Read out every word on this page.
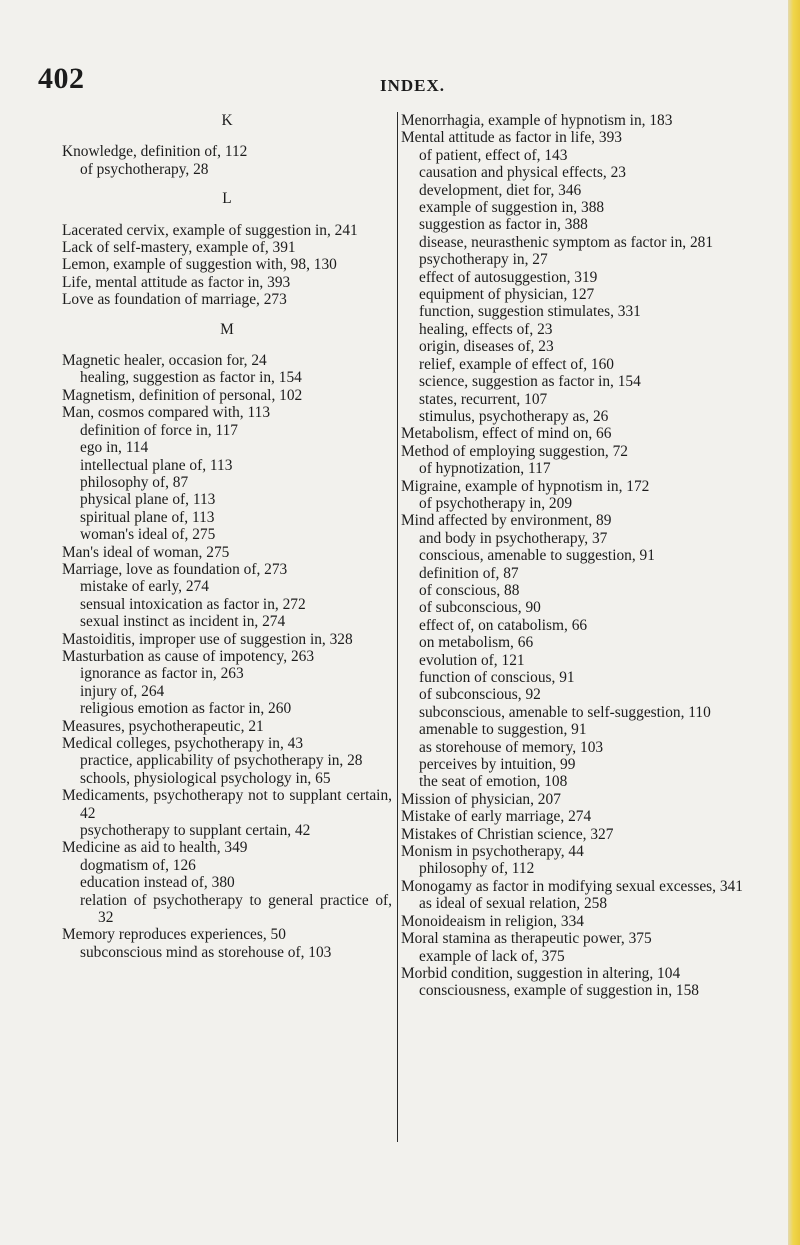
402	INDEX.
K
Knowledge, definition of, 112
of psychotherapy, 28
L
Lacerated cervix, example of suggestion in, 241
Lack of self-mastery, example of, 391
Lemon, example of suggestion with, 98, 130
Life, mental attitude as factor in, 393
Love as foundation of marriage, 273
M
Magnetic healer, occasion for, 24
healing, suggestion as factor in, 154
Magnetism, definition of personal, 102
Man, cosmos compared with, 113
definition of force in, 117
ego in, 114
intellectual plane of, 113
philosophy of, 87
physical plane of, 113
spiritual plane of, 113
woman's ideal of, 275
Man's ideal of woman, 275
Marriage, love as foundation of, 273
mistake of early, 274
sensual intoxication as factor in, 272
sexual instinct as incident in, 274
Mastoiditis, improper use of suggestion in, 328
Masturbation as cause of impotency, 263
ignorance as factor in, 263
injury of, 264
religious emotion as factor in, 260
Measures, psychotherapeutic, 21
Medical colleges, psychotherapy in, 43
practice, applicability of psychotherapy in, 28
schools, physiological psychology in, 65
Medicaments, psychotherapy not to supplant certain, 42
psychotherapy to supplant certain, 42
Medicine as aid to health, 349
dogmatism of, 126
education instead of, 380
relation of psychotherapy to general practice of, 32
Memory reproduces experiences, 50
subconscious mind as storehouse of, 103
Menorrhagia, example of hypnotism in, 183
Mental attitude as factor in life, 393
of patient, effect of, 143
causation and physical effects, 23
development, diet for, 346
example of suggestion in, 388
suggestion as factor in, 388
disease, neurasthenic symptom as factor in, 281
psychotherapy in, 27
effect of autosuggestion, 319
equipment of physician, 127
function, suggestion stimulates, 331
healing, effects of, 23
origin, diseases of, 23
relief, example of effect of, 160
science, suggestion as factor in, 154
states, recurrent, 107
stimulus, psychotherapy as, 26
Metabolism, effect of mind on, 66
Method of employing suggestion, 72
of hypnotization, 117
Migraine, example of hypnotism in, 172
of psychotherapy in, 209
Mind affected by environment, 89
and body in psychotherapy, 37
conscious, amenable to suggestion, 91
definition of, 87
of conscious, 88
of subconscious, 90
effect of, on catabolism, 66
on metabolism, 66
evolution of, 121
function of conscious, 91
of subconscious, 92
subconscious, amenable to self-suggestion, 110
amenable to suggestion, 91
as storehouse of memory, 103
perceives by intuition, 99
the seat of emotion, 108
Mission of physician, 207
Mistake of early marriage, 274
Mistakes of Christian science, 327
Monism in psychotherapy, 44
philosophy of, 112
Monogamy as factor in modifying sexual excesses, 341
as ideal of sexual relation, 258
Monoideaism in religion, 334
Moral stamina as therapeutic power, 375
example of lack of, 375
Morbid condition, suggestion in altering, 104
consciousness, example of suggestion in, 158
